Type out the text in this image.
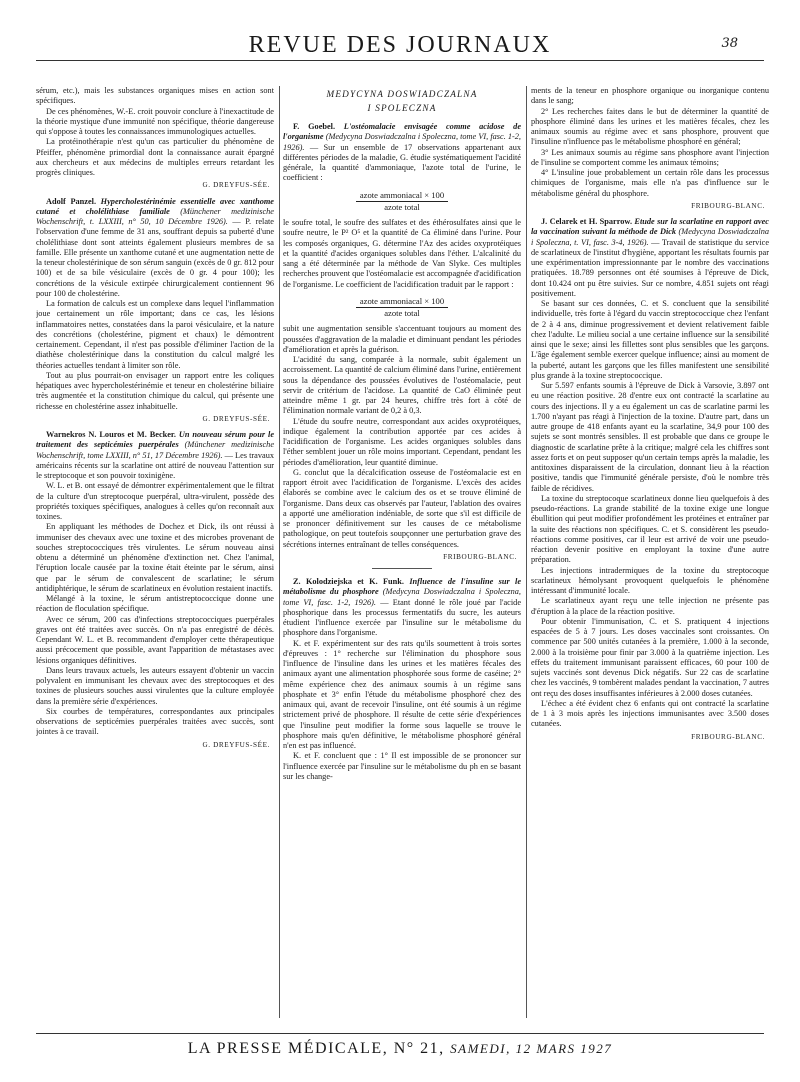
REVUE DES JOURNAUX	38

sérum, etc.), mais les substances organiques mises en action sont spécifiques.

De ces phénomènes, W.-E. croit pouvoir conclure à l'inexactitude de la théorie mystique d'une immunité non spécifique, théorie dangereuse qui s'oppose à toutes les connaissances immunologiques actuelles.

La protéinothérapie n'est qu'un cas particulier du phénomène de Pfeiffer, phénomène primordial dont la connaissance aurait épargné aux chercheurs et aux médecins de multiples erreurs retardant les progrès cliniques.

G. DREYFUS-SÉE.

Adolf Panzel. Hypercholestérinémie essentielle avec xanthome cutané et cholélithiase familiale (Münchener medizinische Wochenschrift, t. LXXIII, n° 50, 10 Décembre 1926). — P. relate l'observation d'une femme de 31 ans, souffrant depuis sa puberté d'une cholélithiase dont sont atteints également plusieurs membres de sa famille. Elle présente un xanthome cutané et une augmentation nette de la teneur cholestérinique de son sérum sanguin (excès de 0 gr. 812 pour 100) et de sa bile vésiculaire (excès de 0 gr. 4 pour 100); les concrétions de la vésicule extirpée chirurgicalement contiennent 96 pour 100 de cholestérine.

La formation de calculs est un complexe dans lequel l'inflammation joue certainement un rôle important; dans ce cas, les lésions inflammatoires nettes, constatées dans la paroi vésiculaire, et la nature des concrétions (cholestérine, pigment et chaux) le démontrent certainement. Cependant, il n'est pas possible d'éliminer l'action de la diathèse cholestérinique dans la constitution du calcul malgré les théories actuelles tendant à limiter son rôle.

Tout au plus pourrait-on envisager un rapport entre les coliques hépatiques avec hypercholestérinémie et teneur en cholestérine biliaire très augmentée et la constitution chimique du calcul, qui présente une richesse en cholestérine assez inhabituelle.

G. DREYFUS-SÉE.

Warnekros N. Louros et M. Becker. Un nouveau sérum pour le traitement des septicémies puerpérales (Münchener medizinische Wochenschrift, tome LXXIII, n° 51, 17 Décembre 1926). — Les travaux américains récents sur la scarlatine ont attiré de nouveau l'attention sur le streptocoque et son pouvoir toxinigène.

W. L. et B. ont essayé de démontrer expérimentalement que le filtrat de la culture d'un streptocoque puerpéral, ultra-virulent, possède des propriétés toxiques spécifiques, analogues à celles qu'on reconnaît aux toxines.

En appliquant les méthodes de Dochez et Dick, ils ont réussi à immuniser des chevaux avec une toxine et des microbes provenant de souches streptococciques très virulentes. Le sérum nouveau ainsi obtenu a déterminé un phénomène d'extinction net. Chez l'animal, l'éruption locale causée par la toxine était éteinte par le sérum, ainsi que par le sérum de convalescent de scarlatine; le sérum antidiphtérique, le sérum de scarlatineux en évolution restaient inactifs.

Mélangé à la toxine, le sérum antistreptococcique donne une réaction de floculation spécifique.

Avec ce sérum, 200 cas d'infections streptococciques puerpérales graves ont été traitées avec succès. On n'a pas enregistré de décès. Cependant W. L. et B. recommandent d'employer cette thérapeutique aussi précocement que possible, avant l'apparition de métastases avec lésions organiques définitives.

Dans leurs travaux actuels, les auteurs essayent d'obtenir un vaccin polyvalent en immunisant les chevaux avec des streptocoques et des toxines de plusieurs souches aussi virulentes que la culture employée dans la première série d'expériences.

Six courbes de températures, correspondantes aux principales observations de septicémies puerpérales traitées avec succès, sont jointes à ce travail.

G. DREYFUS-SÉE.
MEDYCYNA DOSWIADCZALNA
I SPOLECZNA

F. Goebel. L'ostéomalacie envisagée comme acidose de l'organisme (Medycyna Doswiadczalna i Spoleczna, tome VI, fasc. 1-2, 1926). — Sur un ensemble de 17 observations appartenant aux différentes périodes de la maladie, G. étudie systématiquement l'acidité générale, la quantité d'ammoniaque, l'azote total de l'urine, le coefficient :

azote ammoniacal × 100
azote total

le soufre total, le soufre des sulfates et des éthérosulfates ainsi que le soufre neutre, le P² O⁵ et la quantité de Ca éliminé dans l'urine. Pour les composés organiques, G. détermine l'Az des acides oxyprotéiques et la quantité d'acides organiques solubles dans l'éther. L'alcalinité du sang a été déterminée par la méthode de Van Slyke. Ces multiples recherches prouvent que l'ostéomalacie est accompagnée d'acidification de l'organisme. Le coefficient de l'acidification traduit par le rapport :

azote ammoniacal × 100
azote total

subit une augmentation sensible s'accentuant toujours au moment des poussées d'aggravation de la maladie et diminuant pendant les périodes d'amélioration et après la guérison.

L'acidité du sang, comparée à la normale, subit également un accroissement. La quantité de calcium éliminé dans l'urine, entièrement sous la dépendance des poussées évolutives de l'ostéomalacie, peut servir de critérium de l'acidose. La quantité de CaO éliminée peut atteindre même 1 gr. par 24 heures, chiffre très fort à côté de l'élimination normale variant de 0,2 à 0,3.

L'étude du soufre neutre, correspondant aux acides oxyprotéiques, indique également la contribution apportée par ces acides à l'acidification de l'organisme. Les acides organiques solubles dans l'éther semblent jouer un rôle moins important. Cependant, pendant les périodes d'amélioration, leur quantité diminue.

G. conclut que la décalcification osseuse de l'ostéomalacie est en rapport étroit avec l'acidification de l'organisme. L'excès des acides élaborés se combine avec le calcium des os et se trouve éliminé de l'organisme. Dans deux cas observés par l'auteur, l'ablation des ovaires a apporté une amélioration indéniable, de sorte que s'il est difficile de se prononcer définitivement sur les causes de ce métabolisme pathologique, on peut toutefois soupçonner une perturbation grave des sécrétions internes entraînant de telles conséquences.

FRIBOURG-BLANC.

Z. Kolodziejska et K. Funk. Influence de l'insuline sur le métabolisme du phosphore (Medycyna Doswiadczalna i Spoleczna, tome VI, fasc. 1-2, 1926). — Etant donné le rôle joué par l'acide phosphorique dans les processus fermentatifs du sucre, les auteurs étudient l'influence exercée par l'insuline sur le métabolisme du phosphore dans l'organisme.

K. et F. expérimentent sur des rats qu'ils soumettent à trois sortes d'épreuves : 1° recherche sur l'élimination du phosphore sous l'influence de l'insuline dans les urines et les matières fécales des animaux ayant une alimentation phosphorée sous forme de caséine; 2° même expérience chez des animaux soumis à un régime sans phosphate et 3° enfin l'étude du métabolisme phosphoré chez des animaux qui, avant de recevoir l'insuline, ont été soumis à un régime strictement privé de phosphore. Il résulte de cette série d'expériences que l'insuline peut modifier la forme sous laquelle se trouve le phosphore mais qu'en définitive, le métabolisme phosphoré général n'en est pas influencé.

K. et F. concluent que : 1° Il est impossible de se prononcer sur l'influence exercée par l'insuline sur le métabolisme du p⁠h en se basant sur les change-

ments de la teneur en phosphore organique ou inorganique contenu dans le sang;

2° Les recherches faites dans le but de déterminer la quantité de phosphore éliminé dans les urines et les matières fécales, chez les animaux soumis au régime avec et sans phosphore, prouvent que l'insuline n'influence pas le métabolisme phosphoré en général;

3° Les animaux soumis au régime sans phosphore avant l'injection de l'insuline se comportent comme les animaux témoins;

4° L'insuline joue probablement un certain rôle dans les processus chimiques de l'organisme, mais elle n'a pas d'influence sur le métabolisme général du phosphore.

FRIBOURG-BLANC.

J. Celarek et H. Sparrow. Etude sur la scarlatine en rapport avec la vaccination suivant la méthode de Dick (Medycyna Doswiadczalna i Spoleczna, t. VI, fasc. 3-4, 1926). — Travail de statistique du service de scarlatineux de l'institut d'hygiène, apportant les résultats fournis par une expérimentation impressionnante par le nombre des vaccinations pratiquées. 18.789 personnes ont été soumises à l'épreuve de Dick, dont 10.424 ont pu être suivies. Sur ce nombre, 4.851 sujets ont réagi positivement.

Se basant sur ces données, C. et S. concluent que la sensibilité individuelle, très forte à l'égard du vaccin streptococcique chez l'enfant de 2 à 4 ans, diminue progressivement et devient relativement faible chez l'adulte. Le milieu social a une certaine influence sur la sensibilité ainsi que le sexe; ainsi les fillettes sont plus sensibles que les garçons. L'âge également semble exercer quelque influence; ainsi au moment de la puberté, autant les garçons que les filles manifestent une sensibilité plus grande à la toxine streptococcique.

Sur 5.597 enfants soumis à l'épreuve de Dick à Varsovie, 3.897 ont eu une réaction positive. 28 d'entre eux ont contracté la scarlatine au cours des injections. Il y a eu également un cas de scarlatine parmi les 1.700 n'ayant pas réagi à l'injection de la toxine. D'autre part, dans un autre groupe de 418 enfants ayant eu la scarlatine, 34,9 pour 100 des sujets se sont montrés sensibles. Il est probable que dans ce groupe le diagnostic de scarlatine prête à la critique; malgré cela les chiffres sont assez forts et on peut supposer qu'un certain temps après la maladie, les antitoxines disparaissent de la circulation, donnant lieu à la réaction positive, tandis que l'immunité générale persiste, d'où le nombre très faible de récidives.

La toxine du streptocoque scarlatineux donne lieu quelquefois à des pseudo-réactions. La grande stabilité de la toxine exige une longue ébullition qui peut modifier profondément les protéines et entraîner par la suite des réactions non spécifiques. C. et S. considèrent les pseudo-réactions comme positives, car il leur est arrivé de voir une pseudo-réaction devenir positive en employant la toxine d'une autre préparation.

Les injections intradermiques de la toxine du streptocoque scarlatineux hémolysant provoquent quelquefois le phénomène intéressant d'immunité locale.

Le scarlatineux ayant reçu une telle injection ne présente pas d'éruption à la place de la réaction positive.

Pour obtenir l'immunisation, C. et S. pratiquent 4 injections espacées de 5 à 7 jours. Les doses vaccinales sont croissantes. On commence par 500 unités cutanées à la première, 1.000 à la seconde, 2.000 à la troisième pour finir par 3.000 à la quatrième injection. Les effets du traitement immunisant paraissent efficaces, 60 pour 100 de sujets vaccinés sont devenus Dick négatifs. Sur 22 cas de scarlatine chez les vaccinés, 9 tombèrent malades pendant la vaccination, 7 autres ont reçu des doses insuffisantes inférieures à 2.000 doses cutanées.

L'échec a été évident chez 6 enfants qui ont contracté la scarlatine de 1 à 3 mois après les injections immunisantes avec 3.500 doses cutanées.

FRIBOURG-BLANC.
LA PRESSE MÉDICALE, N° 21, SAMEDI, 12 MARS 1927
